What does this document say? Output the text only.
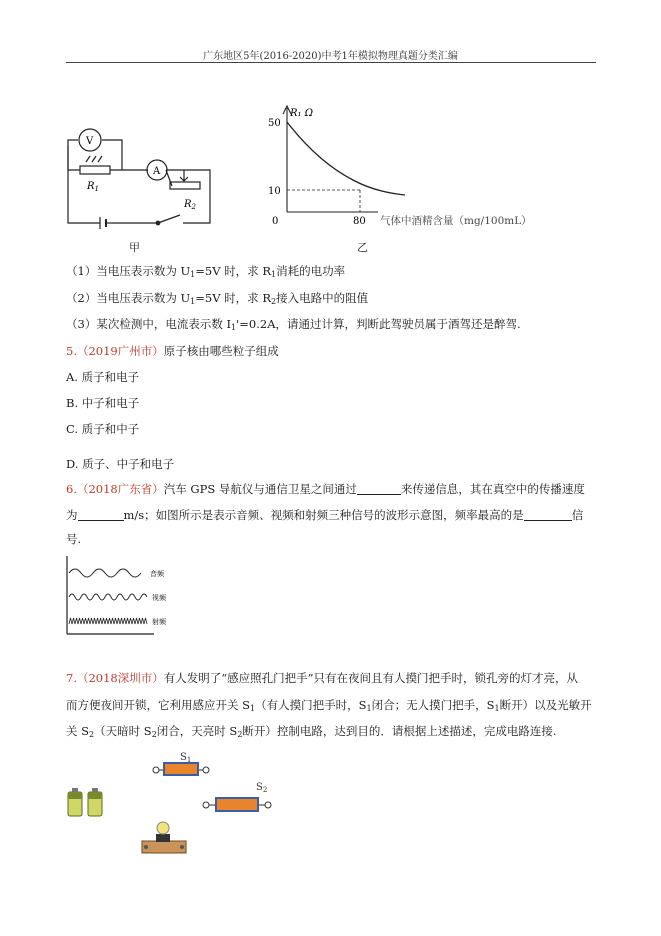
广东地区5年(2016-2020)中考1年模拟物理真题分类汇编
V
A
$R_1$
$R_2$
甲
R₁ Ω
50
10
0	80 气体中酒精含量（mg/100mL）
乙
（1）当电压表示数为 $U_1=5V$ 时，求 $R_1$消耗的电功率
（2）当电压表示数为 $U_1=5V$ 时，求 $R_2$接入电路中的阻值
（3）某次检测中，电流表示数 $I_1'=0.2A$，请通过计算，判断此驾驶员属于酒驾还是醉驾.
5.（2019广州市）原子核由哪些粒子组成
A. 质子和电子
B. 中子和电子
C. 质子和中子
D. 质子、中子和电子
6.（2018广东省）汽车 GPS 导航仪与通信卫星之间通过	来传递信息，其在真空中的传播速度
为	m/s；如图所示是表示音频、视频和射频三种信号的波形示意图，频率最高的是	信
号.
音频
视频
射频
7.（2018深圳市）有人发明了“感应照孔门把手”只有在夜间且有人摸门把手时，锁孔旁的灯才亮，从
而方便夜间开锁，它利用感应开关 $S_1$（有人摸门把手时，$S_1$闭合；无人摸门把手，$S_1$断开）以及光敏开
关 $S_2$（天暗时 $S_2$闭合，天亮时 $S_2$断开）控制电路，达到目的．请根据上述描述，完成电路连接.
$S_1$
$S_2$
